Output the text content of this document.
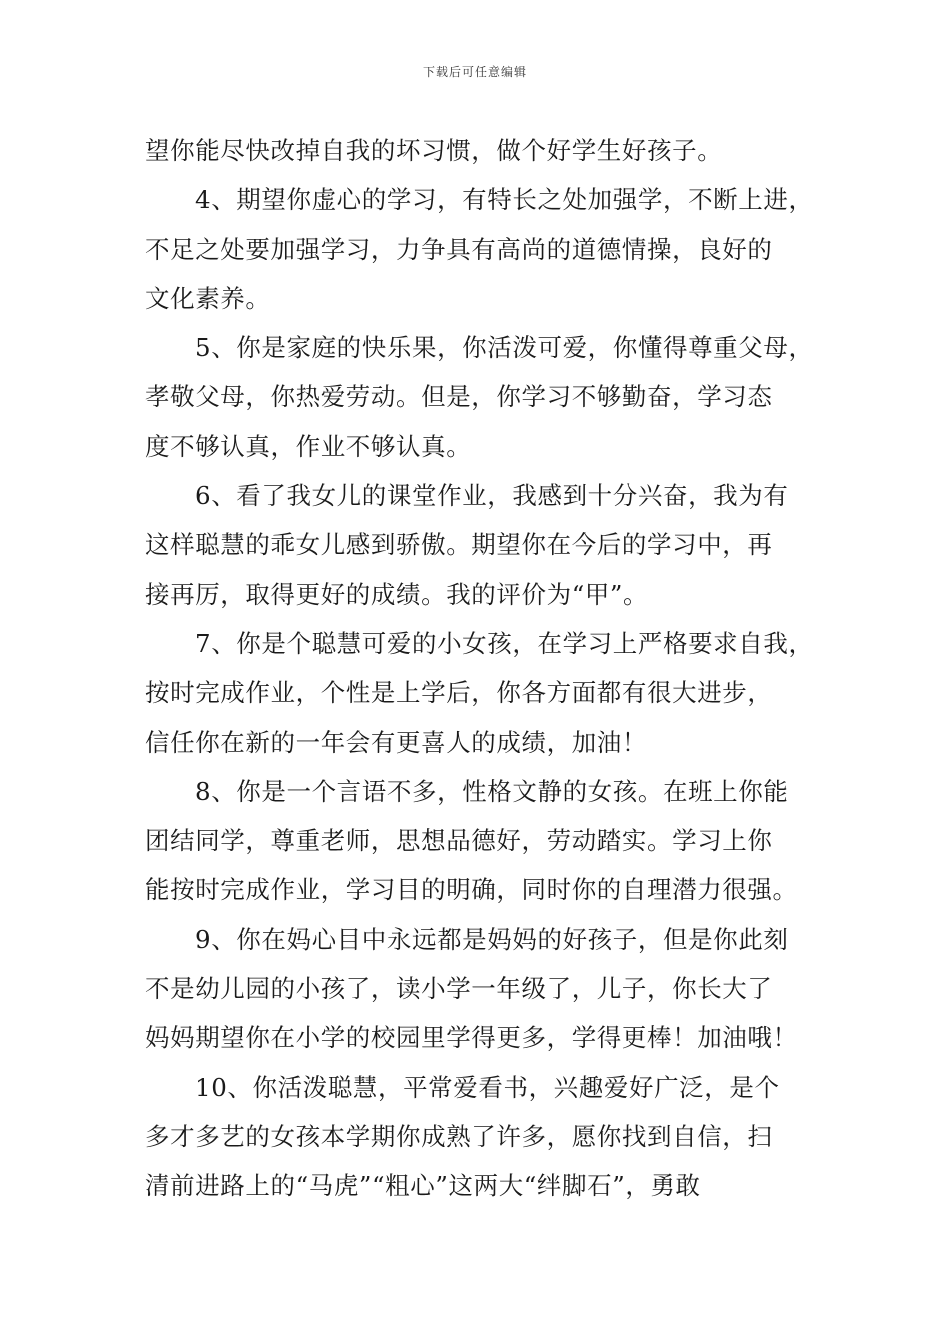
下载后可任意编辑
望你能尽快改掉自我的坏习惯，做个好学生好孩子。
4、期望你虚心的学习，有特长之处加强学，不断上进，
不足之处要加强学习，力争具有高尚的道德情操，良好的
文化素养。
5、你是家庭的快乐果，你活泼可爱，你懂得尊重父母，
孝敬父母，你热爱劳动。但是，你学习不够勤奋，学习态
度不够认真，作业不够认真。
6、看了我女儿的课堂作业，我感到十分兴奋，我为有
这样聪慧的乖女儿感到骄傲。期望你在今后的学习中，再
接再厉，取得更好的成绩。我的评价为“甲”。
7、你是个聪慧可爱的小女孩，在学习上严格要求自我，
按时完成作业，个性是上学后，你各方面都有很大进步，
信任你在新的一年会有更喜人的成绩，加油！
8、你是一个言语不多，性格文静的女孩。在班上你能
团结同学，尊重老师，思想品德好，劳动踏实。学习上你
能按时完成作业，学习目的明确，同时你的自理潜力很强。
9、你在妈心目中永远都是妈妈的好孩子，但是你此刻
不是幼儿园的小孩了，读小学一年级了，儿子，你长大了
妈妈期望你在小学的校园里学得更多，学得更棒！加油哦！
10、你活泼聪慧，平常爱看书，兴趣爱好广泛，是个
多才多艺的女孩本学期你成熟了许多，愿你找到自信，扫
清前进路上的“马虎”“粗心”这两大“绊脚石”，勇敢
